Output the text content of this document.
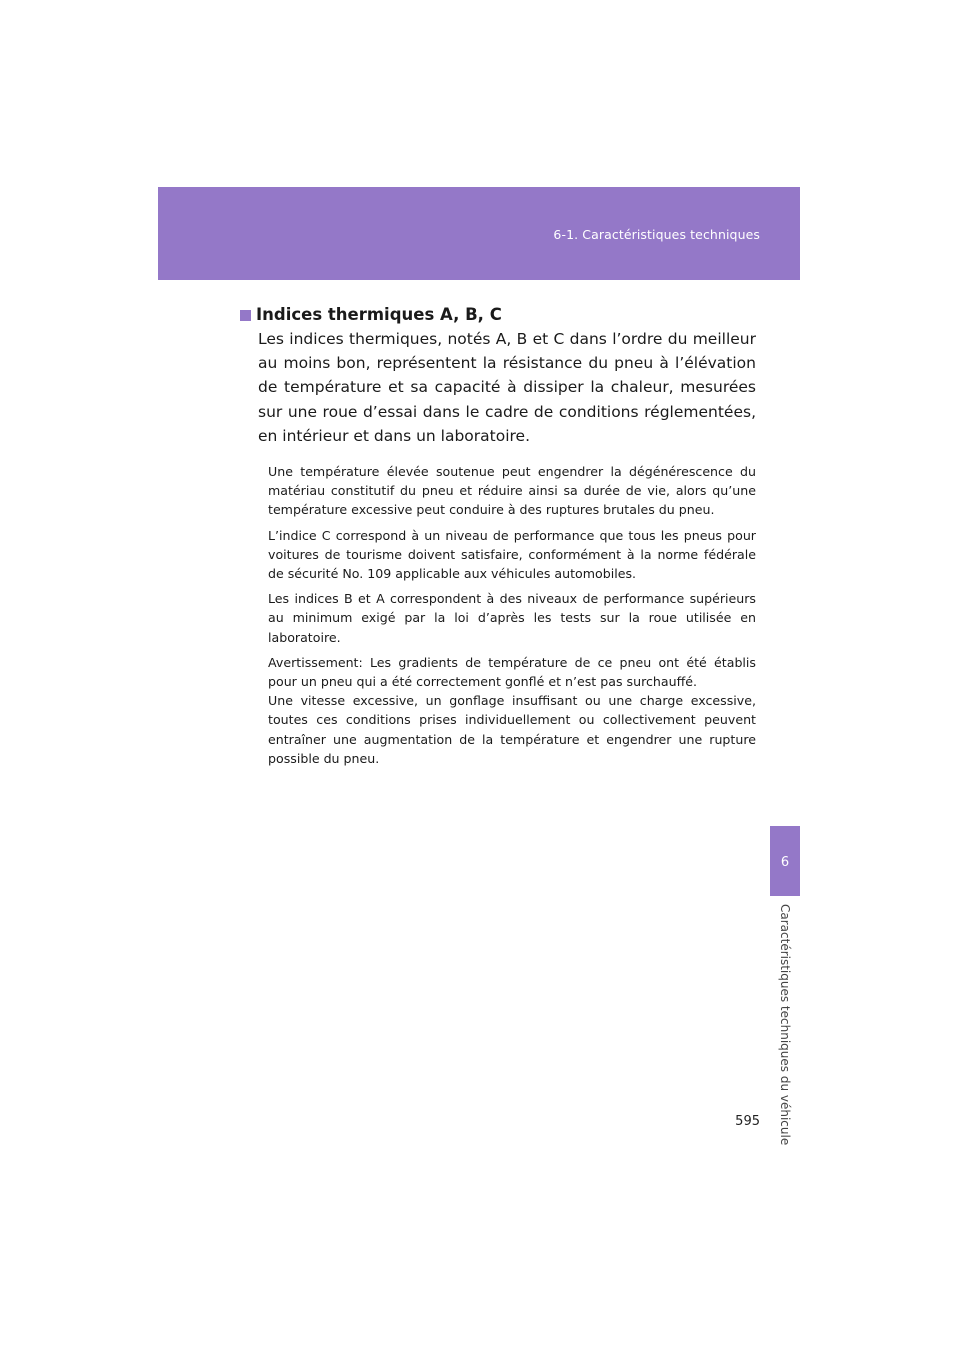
6-1. Caractéristiques techniques
6
Caractéristiques techniques du véhicule
Indices thermiques A, B, C

Les indices thermiques, notés A, B et C dans l’ordre du meilleur au moins bon, représentent la résistance du pneu à l’élévation de température et sa capacité à dissiper la chaleur, mesurées sur une roue d’essai dans le cadre de conditions réglementées, en intérieur et dans un laboratoire.

Une température élevée soutenue peut engendrer la dégénérescence du matériau constitutif du pneu et réduire ainsi sa durée de vie, alors qu’une température excessive peut conduire à des ruptures brutales du pneu.

L’indice C correspond à un niveau de performance que tous les pneus pour voitures de tourisme doivent satisfaire, conformément à la norme fédérale de sécurité No. 109 applicable aux véhicules automobiles.

Les indices B et A correspondent à des niveaux de performance supérieurs au minimum exigé par la loi d’après les tests sur la roue utilisée en laboratoire.

Avertissement: Les gradients de température de ce pneu ont été établis pour un pneu qui a été correctement gonflé et n’est pas surchauffé.

Une vitesse excessive, un gonflage insuffisant ou une charge excessive, toutes ces conditions prises individuellement ou collectivement peuvent entraîner une augmentation de la température et engendrer une rupture possible du pneu.

595
